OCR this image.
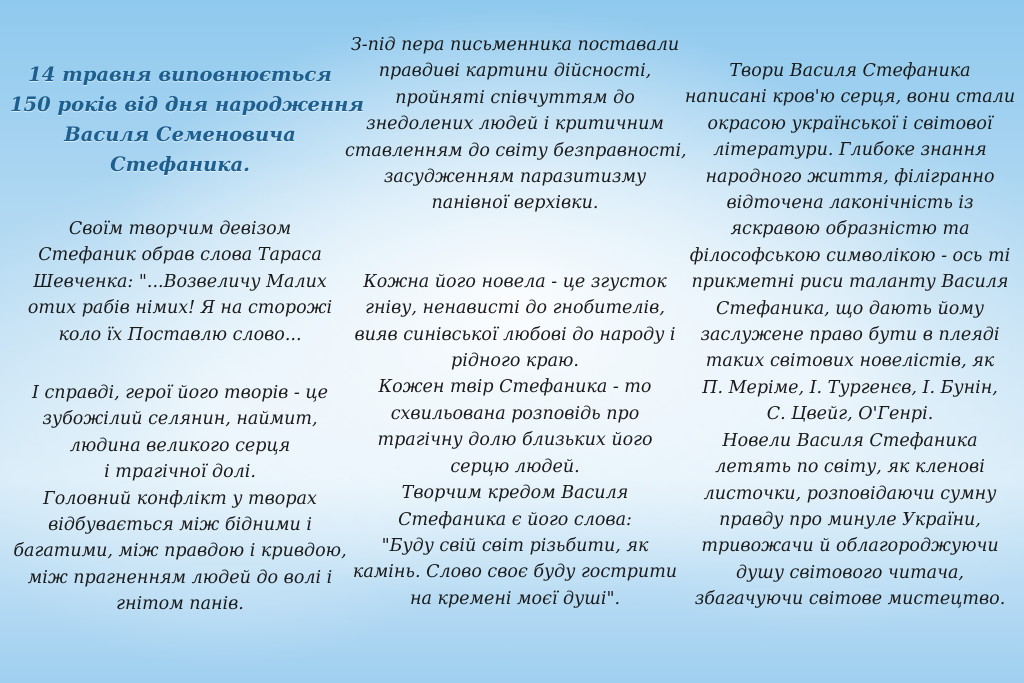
14 травня виповнюється

150 років від дня народження

Василя Семеновича

Стефаника.

Своїм творчим девізом

Стефаник обрав слова Тараса

Шевченка: "...Возвеличу Малих

отих рабів німих! Я на сторожі

коло їх Поставлю слово...

І справді, герої його творів - це

зубожілий селянин, наймит,

людина великого серця

і трагічної долі.

Головний конфлікт у творах

відбувається між бідними і

багатими, між правдою і кривдою,

між прагненням людей до волі і

гнітом панів.

З-під пера письменника поставали

правдиві картини дійсності,

пройняті співчуттям до

знедолених людей і критичним

ставленням до світу безправності,

засудженням паразитизму

панівної верхівки.

Кожна його новела - це згусток

гніву, ненависті до гнобителів,

вияв синівської любові до народу і

рідного краю.

Кожен твір Стефаника - то

схвильована розповідь про

трагічну долю близьких його

серцю людей.

Творчим кредом Василя

Стефаника є його слова:

"Буду свій світ різьбити, як

камінь. Слово своє буду гострити

на кремені моєї душі".

Твори Василя Стефаника

написані кров'ю серця, вони стали

окрасою української і світової

літератури. Глибоке знання

народного життя, філігранно

відточена лаконічність із

яскравою образністю та

філософською символікою - ось ті

прикметні риси таланту Василя

Стефаника, що дають йому

заслужене право бути в плеяді

таких світових новелістів, як

П. Меріме, І. Тургенєв, І. Бунін,

С. Цвейг, О'Генрі.

Новели Василя Стефаника

летять по світу, як кленові

листочки, розповідаючи сумну

правду про минуле України,

тривожачи й облагороджуючи

душу світового читача,

збагачуючи світове мистецтво.
